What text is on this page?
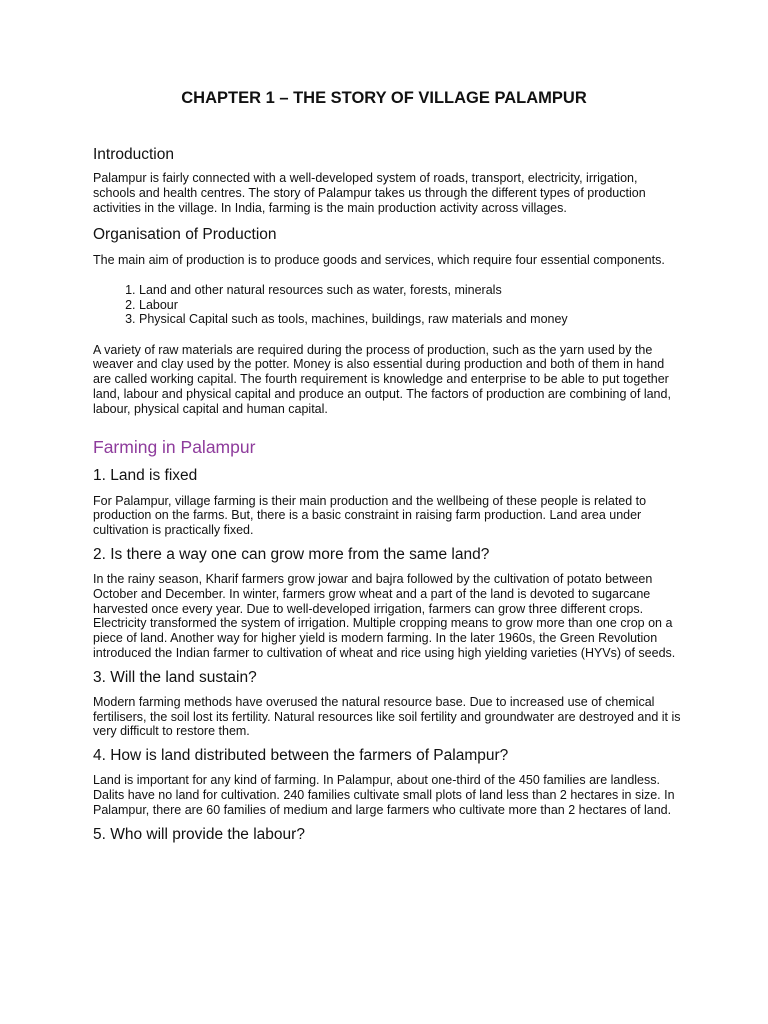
CHAPTER 1 – THE STORY OF VILLAGE PALAMPUR
Introduction

Palampur is fairly connected with a well-developed system of roads, transport, electricity, irrigation, schools and health centres. The story of Palampur takes us through the different types of production activities in the village. In India, farming is the main production activity across villages.

Organisation of Production

The main aim of production is to produce goods and services, which require four essential components.

1. Land and other natural resources such as water, forests, minerals
2. Labour
3. Physical Capital such as tools, machines, buildings, raw materials and money

A variety of raw materials are required during the process of production, such as the yarn used by the weaver and clay used by the potter. Money is also essential during production and both of them in hand are called working capital. The fourth requirement is knowledge and enterprise to be able to put together land, labour and physical capital and produce an output. The factors of production are combining of land, labour, physical capital and human capital.

Farming in Palampur
1. Land is fixed

For Palampur, village farming is their main production and the wellbeing of these people is related to production on the farms. But, there is a basic constraint in raising farm production. Land area under cultivation is practically fixed.

2. Is there a way one can grow more from the same land?

In the rainy season, Kharif farmers grow jowar and bajra followed by the cultivation of potato between October and December. In winter, farmers grow wheat and a part of the land is devoted to sugarcane harvested once every year. Due to well-developed irrigation, farmers can grow three different crops. Electricity transformed the system of irrigation. Multiple cropping means to grow more than one crop on a piece of land. Another way for higher yield is modern farming. In the later 1960s, the Green Revolution introduced the Indian farmer to cultivation of wheat and rice using high yielding varieties (HYVs) of seeds.

3. Will the land sustain?

Modern farming methods have overused the natural resource base. Due to increased use of chemical fertilisers, the soil lost its fertility. Natural resources like soil fertility and groundwater are destroyed and it is very difficult to restore them.

4. How is land distributed between the farmers of Palampur?

Land is important for any kind of farming. In Palampur, about one-third of the 450 families are landless. Dalits have no land for cultivation. 240 families cultivate small plots of land less than 2 hectares in size. In Palampur, there are 60 families of medium and large farmers who cultivate more than 2 hectares of land.

5. Who will provide the labour?
